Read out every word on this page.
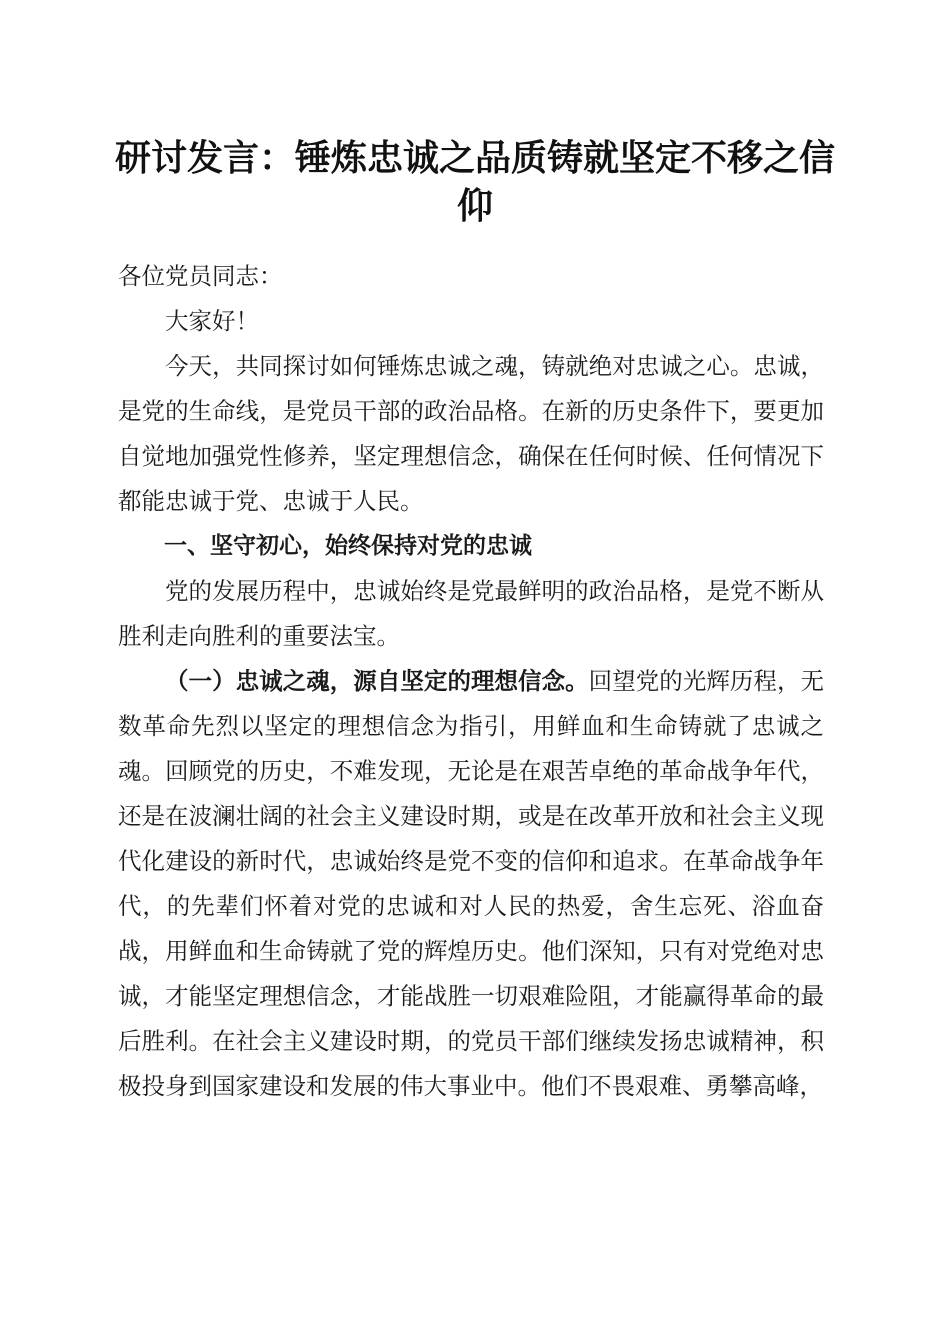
研讨发言：锤炼忠诚之品质铸就坚定不移之信仰

各位党员同志：

大家好！

今天，共同探讨如何锤炼忠诚之魂，铸就绝对忠诚之心。忠诚，是党的生命线，是党员干部的政治品格。在新的历史条件下，要更加自觉地加强党性修养，坚定理想信念，确保在任何时候、任何情况下都能忠诚于党、忠诚于人民。

一、坚守初心，始终保持对党的忠诚

党的发展历程中，忠诚始终是党最鲜明的政治品格，是党不断从胜利走向胜利的重要法宝。

（一）忠诚之魂，源自坚定的理想信念。回望党的光辉历程，无数革命先烈以坚定的理想信念为指引，用鲜血和生命铸就了忠诚之魂。回顾党的历史，不难发现，无论是在艰苦卓绝的革命战争年代，还是在波澜壮阔的社会主义建设时期，或是在改革开放和社会主义现代化建设的新时代，忠诚始终是党不变的信仰和追求。在革命战争年代，的先辈们怀着对党的忠诚和对人民的热爱，舍生忘死、浴血奋战，用鲜血和生命铸就了党的辉煌历史。他们深知，只有对党绝对忠诚，才能坚定理想信念，才能战胜一切艰难险阻，才能赢得革命的最后胜利。在社会主义建设时期，的党员干部们继续发扬忠诚精神，积极投身到国家建设和发展的伟大事业中。他们不畏艰难、勇攀高峰，
